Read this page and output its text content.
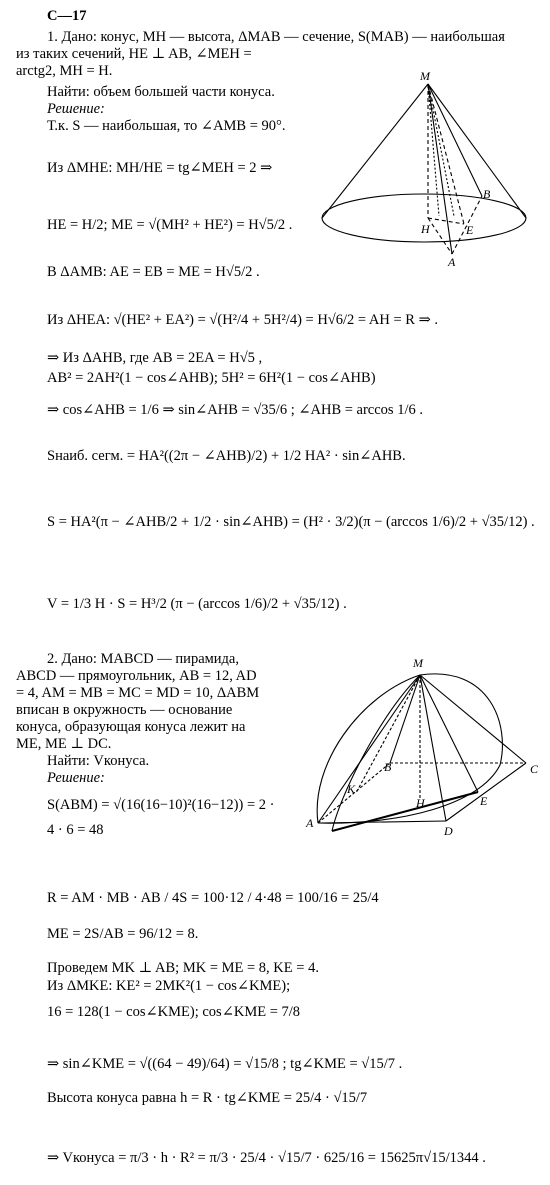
С—17
1. Дано: конус, MH — высота, ΔMAB — сечение, S(MAB) — наибольшая
из таких сечений, HE ⊥ AB, ∠MEH =
arctg2, MH = H.
Найти: объем большей части конуса.
Решение:
Т.к. S — наибольшая, то ∠AMB = 90°.
Из ΔMHE: MH/HE = tg∠MEH = 2 ⇒
HE = H/2; ME = √(MH² + HE²) = H√5/2 .
В ΔAMB: AE = EB = ME = H√5/2 .
Из ΔHEA: √(HE² + EA²) = √(H²/4 + 5H²/4) = H√6/2 = AH = R ⇒ .
⇒ Из ΔAHB, где AB = 2EA = H√5 ,
AB² = 2AH²(1 − cos∠AHB); 5H² = 6H²(1 − cos∠AHB)
⇒ cos∠AHB = 1/6 ⇒ sin∠AHB = √35/6 ; ∠AHB = arccos 1/6 .
Sнаиб. сегм. = HA²((2π − ∠AHB)/2) + 1/2 HA² · sin∠AHB.
S = HA²(π − ∠AHB/2 + 1/2 · sin∠AHB) = (H² · 3/2)(π − (arccos 1/6)/2 + √35/12) .
V = 1/3 H · S = H³/2 (π − (arccos 1/6)/2 + √35/12) .
M
B
H	E
A
2. Дано: MABCD — пирамида,
ABCD — прямоугольник, AB = 12, AD
= 4, AM = MB = MC = MD = 10, ΔABM
вписан в окружность — основание
конуса, образующая конуса лежит на
ME, ME ⊥ DC.
Найти: Vконуса.
Решение:
S(ABM) = √(16(16−10)²(16−12)) = 2 ·
4 · 6 = 48
R = AM · MB · AB / 4S = 100·12 / 4·48 = 100/16 = 25/4
ME = 2S/AB = 96/12 = 8.
Проведем MK ⊥ AB; MK = ME = 8, KE = 4.
Из ΔMKE: KE² = 2MK²(1 − cos∠KME);
16 = 128(1 − cos∠KME); cos∠KME = 7/8
⇒ sin∠KME = √((64 − 49)/64) = √15/8 ; tg∠KME = √15/7 .
Высота конуса равна h = R · tg∠KME = 25/4 · √15/7
⇒ Vконуса = π/3 · h · R² = π/3 · 25/4 · √15/7 · 625/16 = 15625π√15/1344 .
M
B	C
K
H	E
A
D
